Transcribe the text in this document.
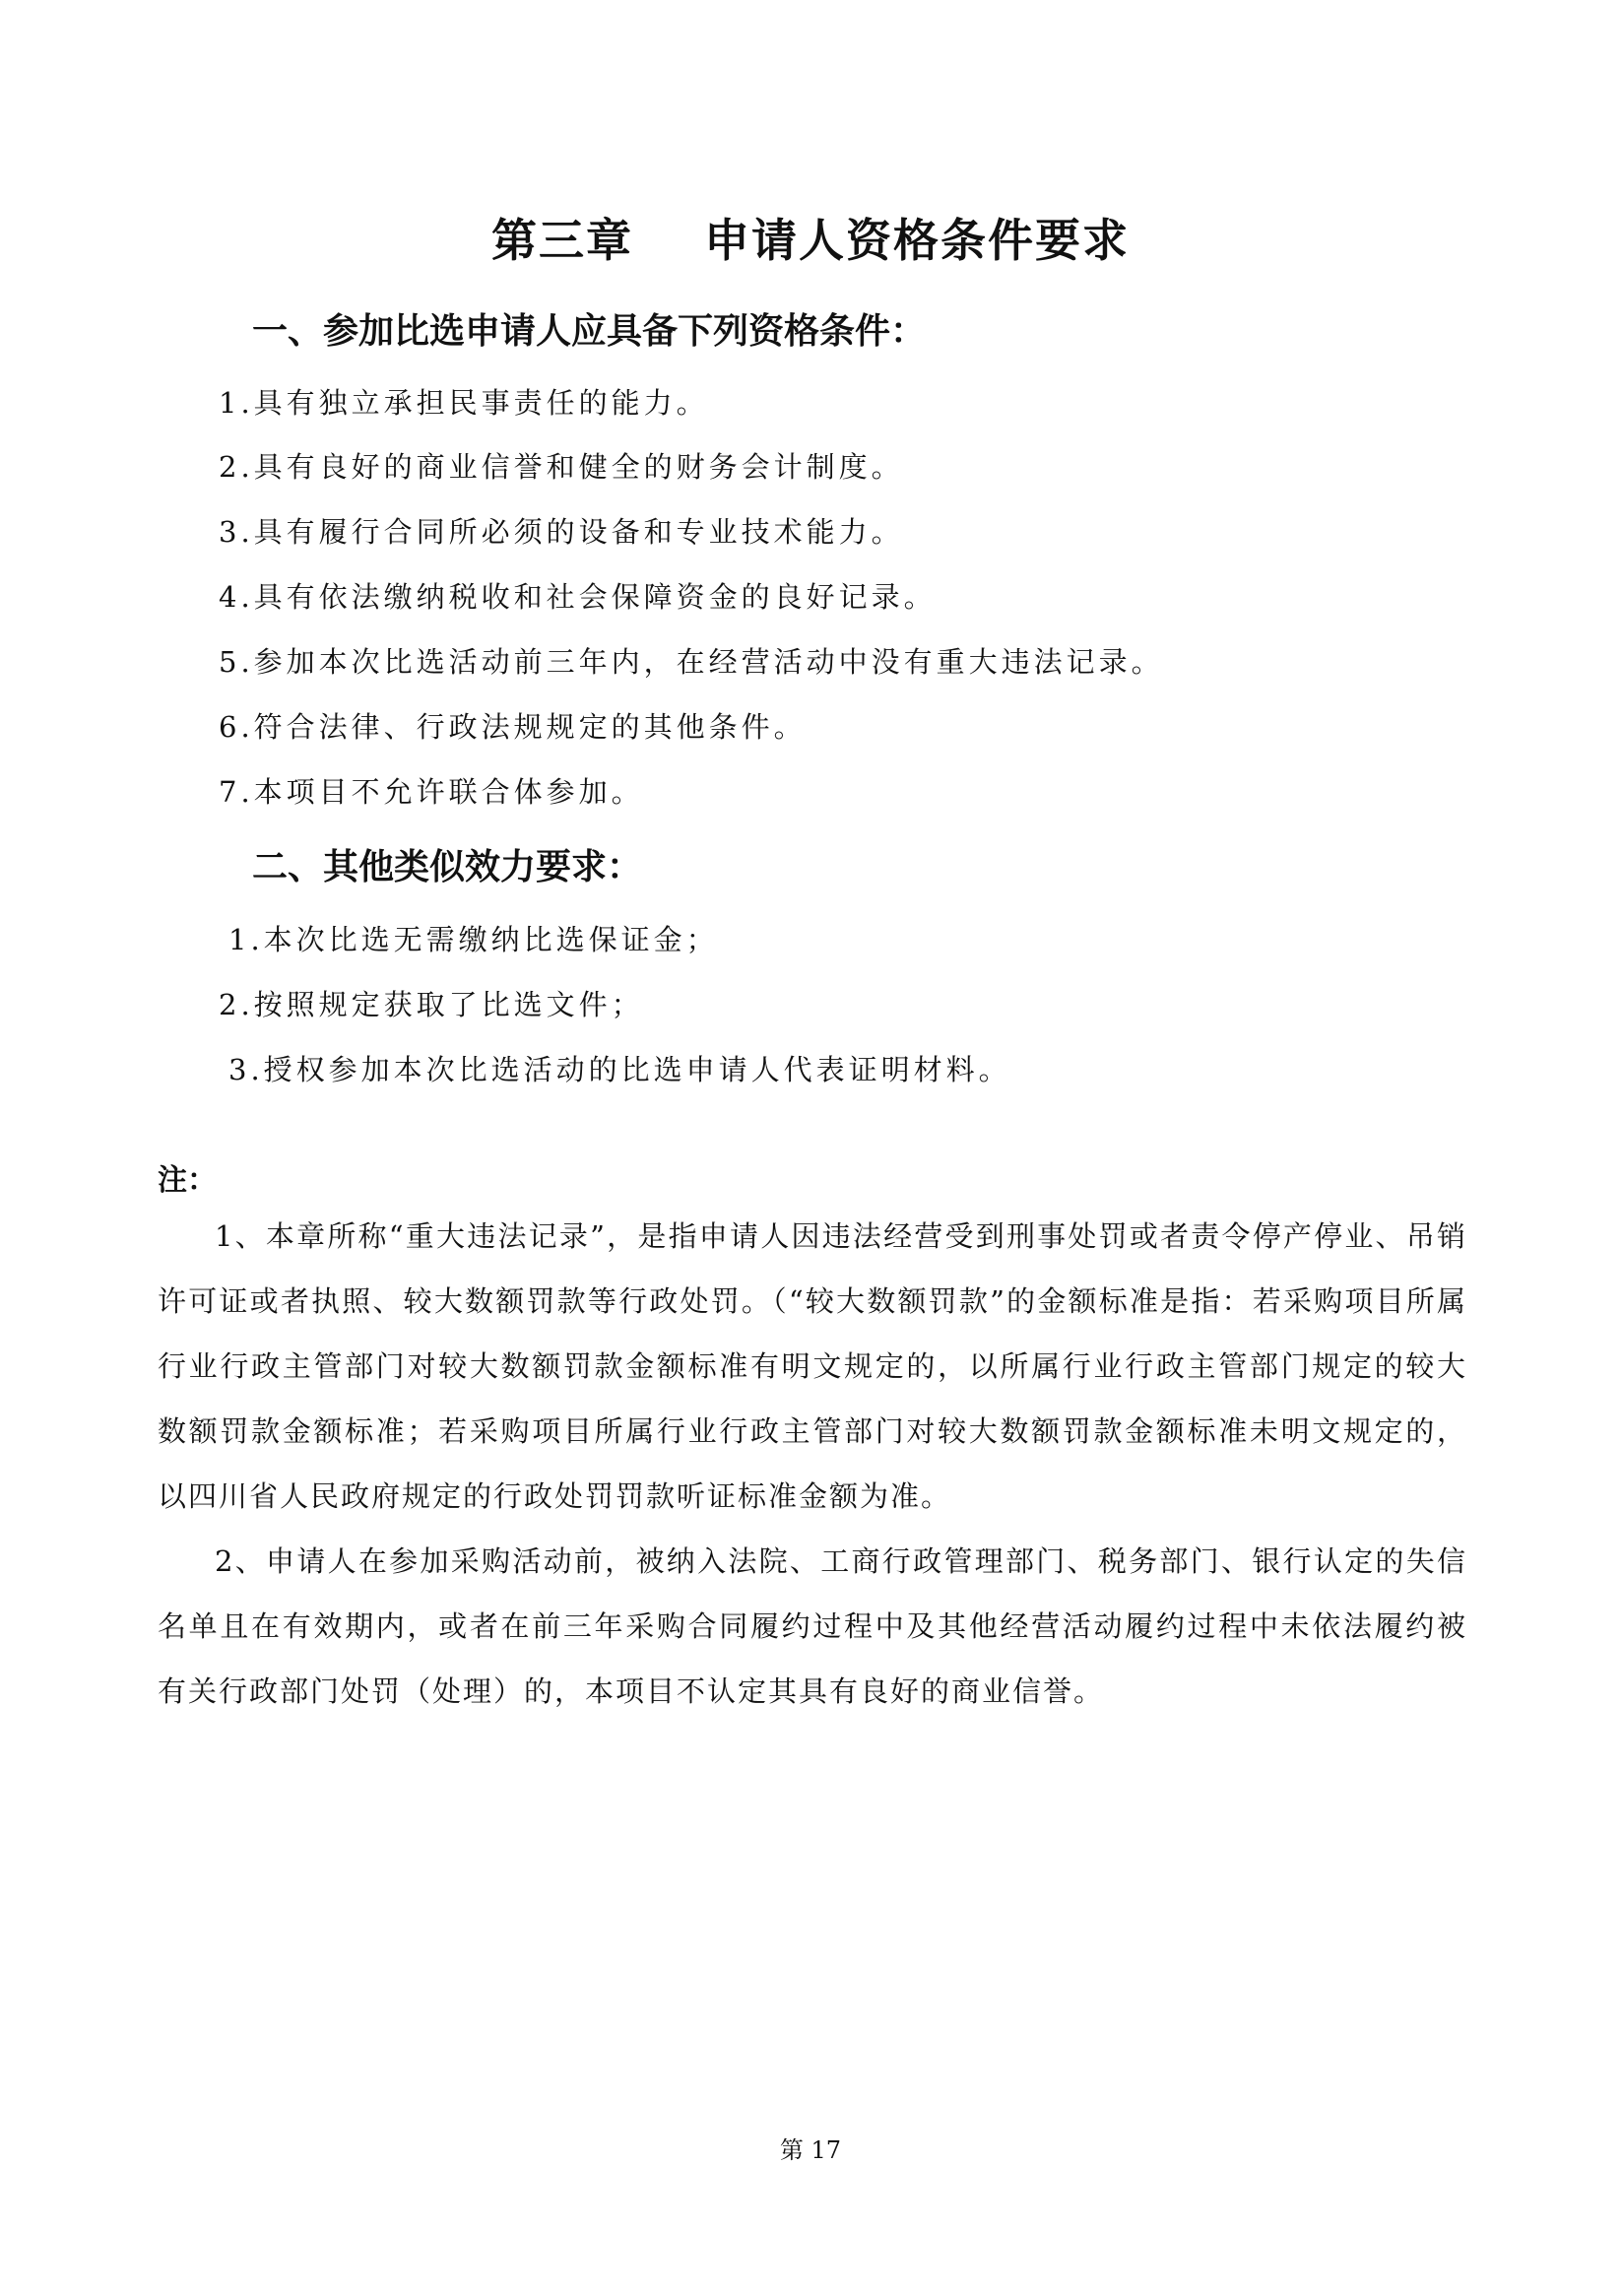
第三章    申请人资格条件要求
一、参加比选申请人应具备下列资格条件：
1.具有独立承担民事责任的能力。
2.具有良好的商业信誉和健全的财务会计制度。
3.具有履行合同所必须的设备和专业技术能力。
4.具有依法缴纳税收和社会保障资金的良好记录。
5.参加本次比选活动前三年内，在经营活动中没有重大违法记录。
6.符合法律、行政法规规定的其他条件。
7.本项目不允许联合体参加。
二、其他类似效力要求：
1.本次比选无需缴纳比选保证金；
2.按照规定获取了比选文件；
3.授权参加本次比选活动的比选申请人代表证明材料。
注：
1、本章所称“重大违法记录”，是指申请人因违法经营受到刑事处罚或者责令停产停业、吊销许可证或者执照、较大数额罚款等行政处罚。（“较大数额罚款”的金额标准是指：若采购项目所属行业行政主管部门对较大数额罚款金额标准有明文规定的，以所属行业行政主管部门规定的较大数额罚款金额标准；若采购项目所属行业行政主管部门对较大数额罚款金额标准未明文规定的，以四川省人民政府规定的行政处罚罚款听证标准金额为准。
2、申请人在参加采购活动前，被纳入法院、工商行政管理部门、税务部门、银行认定的失信名单且在有效期内，或者在前三年采购合同履约过程中及其他经营活动履约过程中未依法履约被有关行政部门处罚（处理）的，本项目不认定其具有良好的商业信誉。
第 17
